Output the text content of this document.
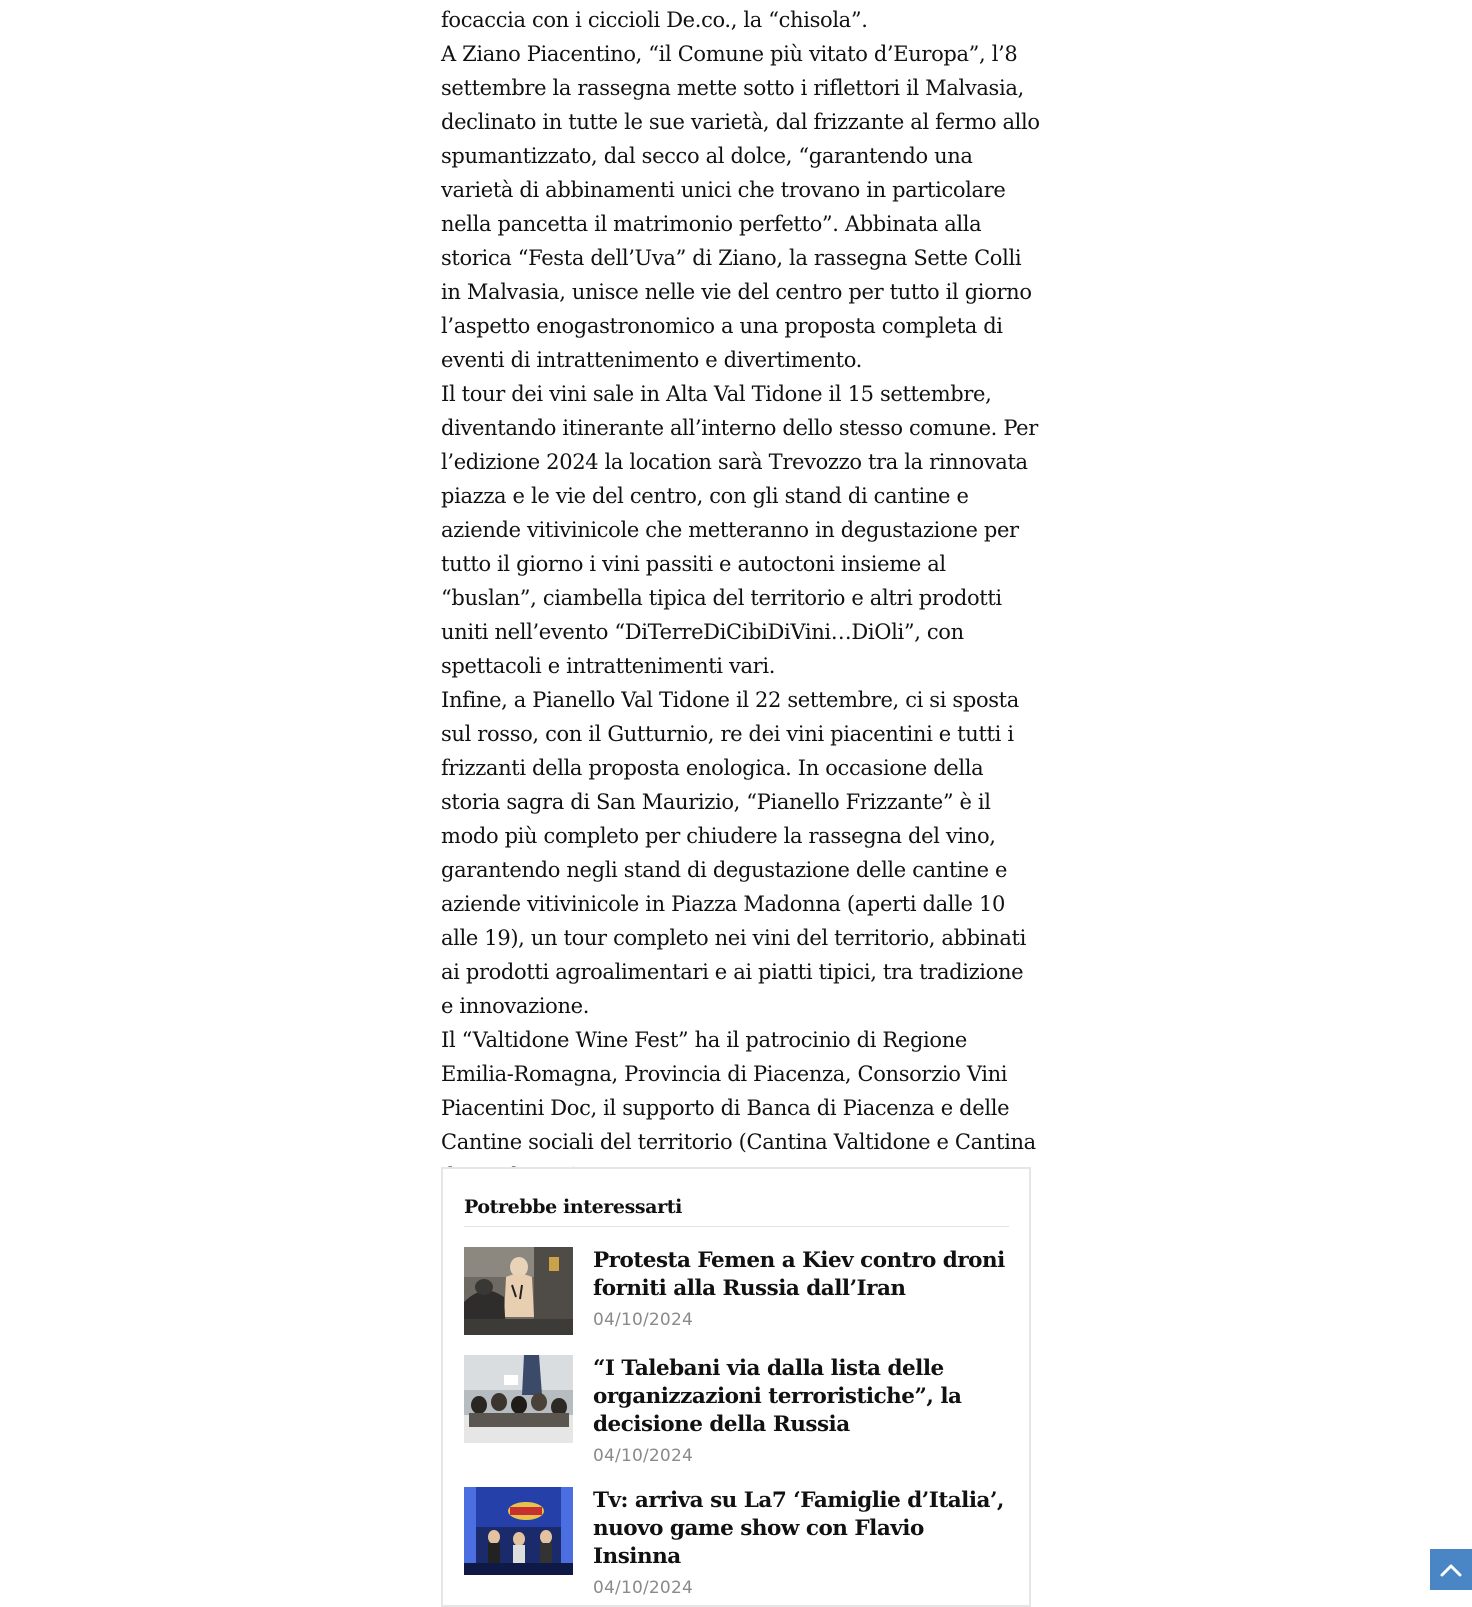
focaccia con i ciccioli De.co., la “chisola”.

A Ziano Piacentino, “il Comune più vitato d’Europa”, l’8 settembre la rassegna mette sotto i riflettori il Malvasia, declinato in tutte le sue varietà, dal frizzante al fermo allo spumantizzato, dal secco al dolce, “garantendo una varietà di abbinamenti unici che trovano in particolare nella pancetta il matrimonio perfetto”. Abbinata alla storica “Festa dell’Uva” di Ziano, la rassegna Sette Colli in Malvasia, unisce nelle vie del centro per tutto il giorno l’aspetto enogastronomico a una proposta completa di eventi di intrattenimento e divertimento.

Il tour dei vini sale in Alta Val Tidone il 15 settembre, diventando itinerante all’interno dello stesso comune. Per l’edizione 2024 la location sarà Trevozzo tra la rinnovata piazza e le vie del centro, con gli stand di cantine e aziende vitivinicole che metteranno in degustazione per tutto il giorno i vini passiti e autoctoni insieme al “buslan”, ciambella tipica del territorio e altri prodotti uniti nell’evento “DiTerreDiCibiDiVini…DiOli”, con spettacoli e intrattenimenti vari.

Infine, a Pianello Val Tidone il 22 settembre, ci si sposta sul rosso, con il Gutturnio, re dei vini piacentini e tutti i frizzanti della proposta enologica. In occasione della storia sagra di San Maurizio, “Pianello Frizzante” è il modo più completo per chiudere la rassegna del vino, garantendo negli stand di degustazione delle cantine e aziende vitivinicole in Piazza Madonna (aperti dalle 10 alle 19), un tour completo nei vini del territorio, abbinati ai prodotti agroalimentari e ai piatti tipici, tra tradizione e innovazione.

Il “Valtidone Wine Fest” ha il patrocinio di Regione Emilia-Romagna, Provincia di Piacenza, Consorzio Vini Piacentini Doc, il supporto di Banca di Piacenza e delle Cantine sociali del territorio (Cantina Valtidone e Cantina

Potrebbe interessarti

Protesta Femen a Kiev contro droni forniti alla Russia dall’Iran

04/10/2024

“I Talebani via dalla lista delle organizzazioni terroristiche”, la decisione della Russia

04/10/2024

Tv: arriva su La7 ‘Famiglie d’Italia’, nuovo game show con Flavio Insinna

04/10/2024
